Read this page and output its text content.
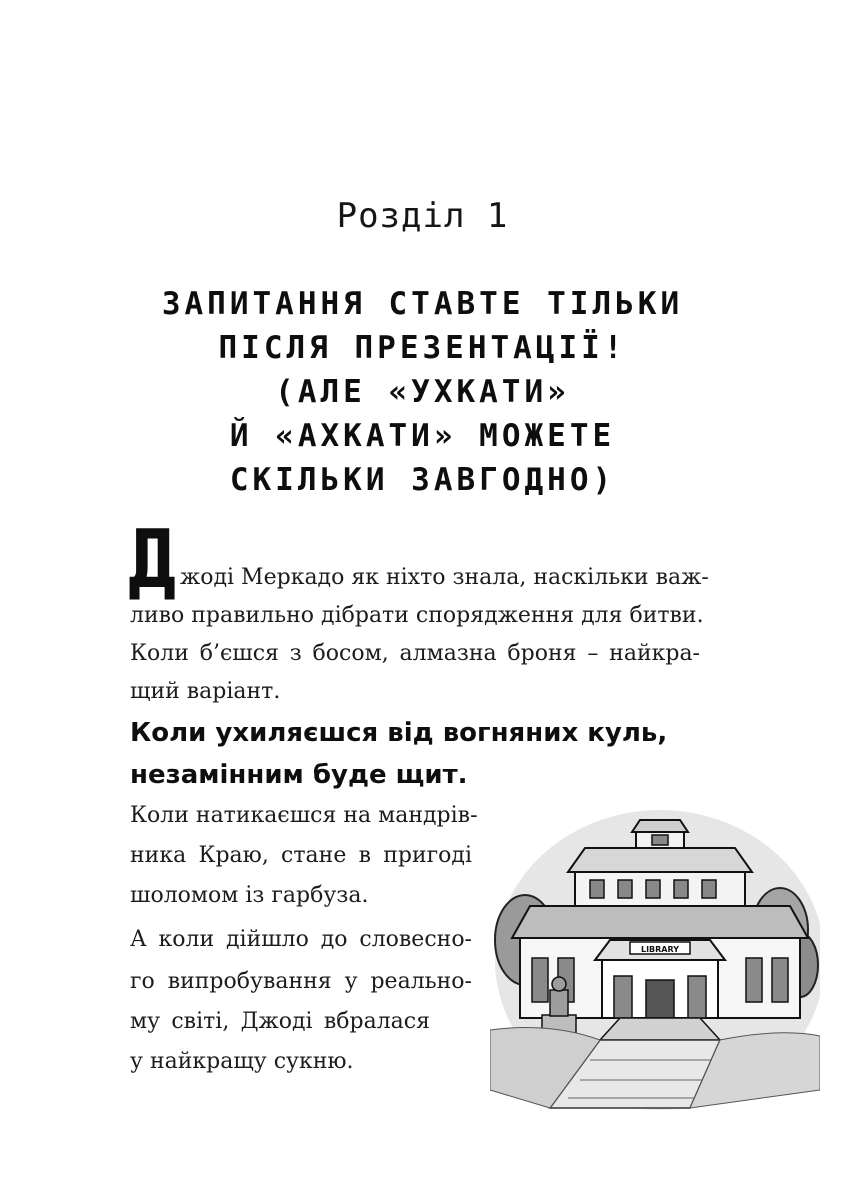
Розділ 1
ЗАПИТАННЯ СТАВТЕ ТІЛЬКИ
ПІСЛЯ ПРЕЗЕНТАЦІЇ!
(АЛЕ «УХКАТИ»
Й «АХКАТИ» МОЖЕТЕ
СКІЛЬКИ ЗАВГОДНО)
Д жоді Меркадо як ніхто знала, наскільки важ-
ливо правильно дібрати спорядження для битви.
Коли б’єшся з босом, алмазна броня – найкра-
щий варіант.
Коли ухиляєшся від вогняних куль,
незамінним буде щит.
Коли натикаєшся на мандрів-
ника Краю, стане в пригоді
шоломом із гарбуза.
А коли дійшло до словесно-
го випробування у реально-
му світі, Джоді вбралася
у найкращу сукню.
LIBRARY
